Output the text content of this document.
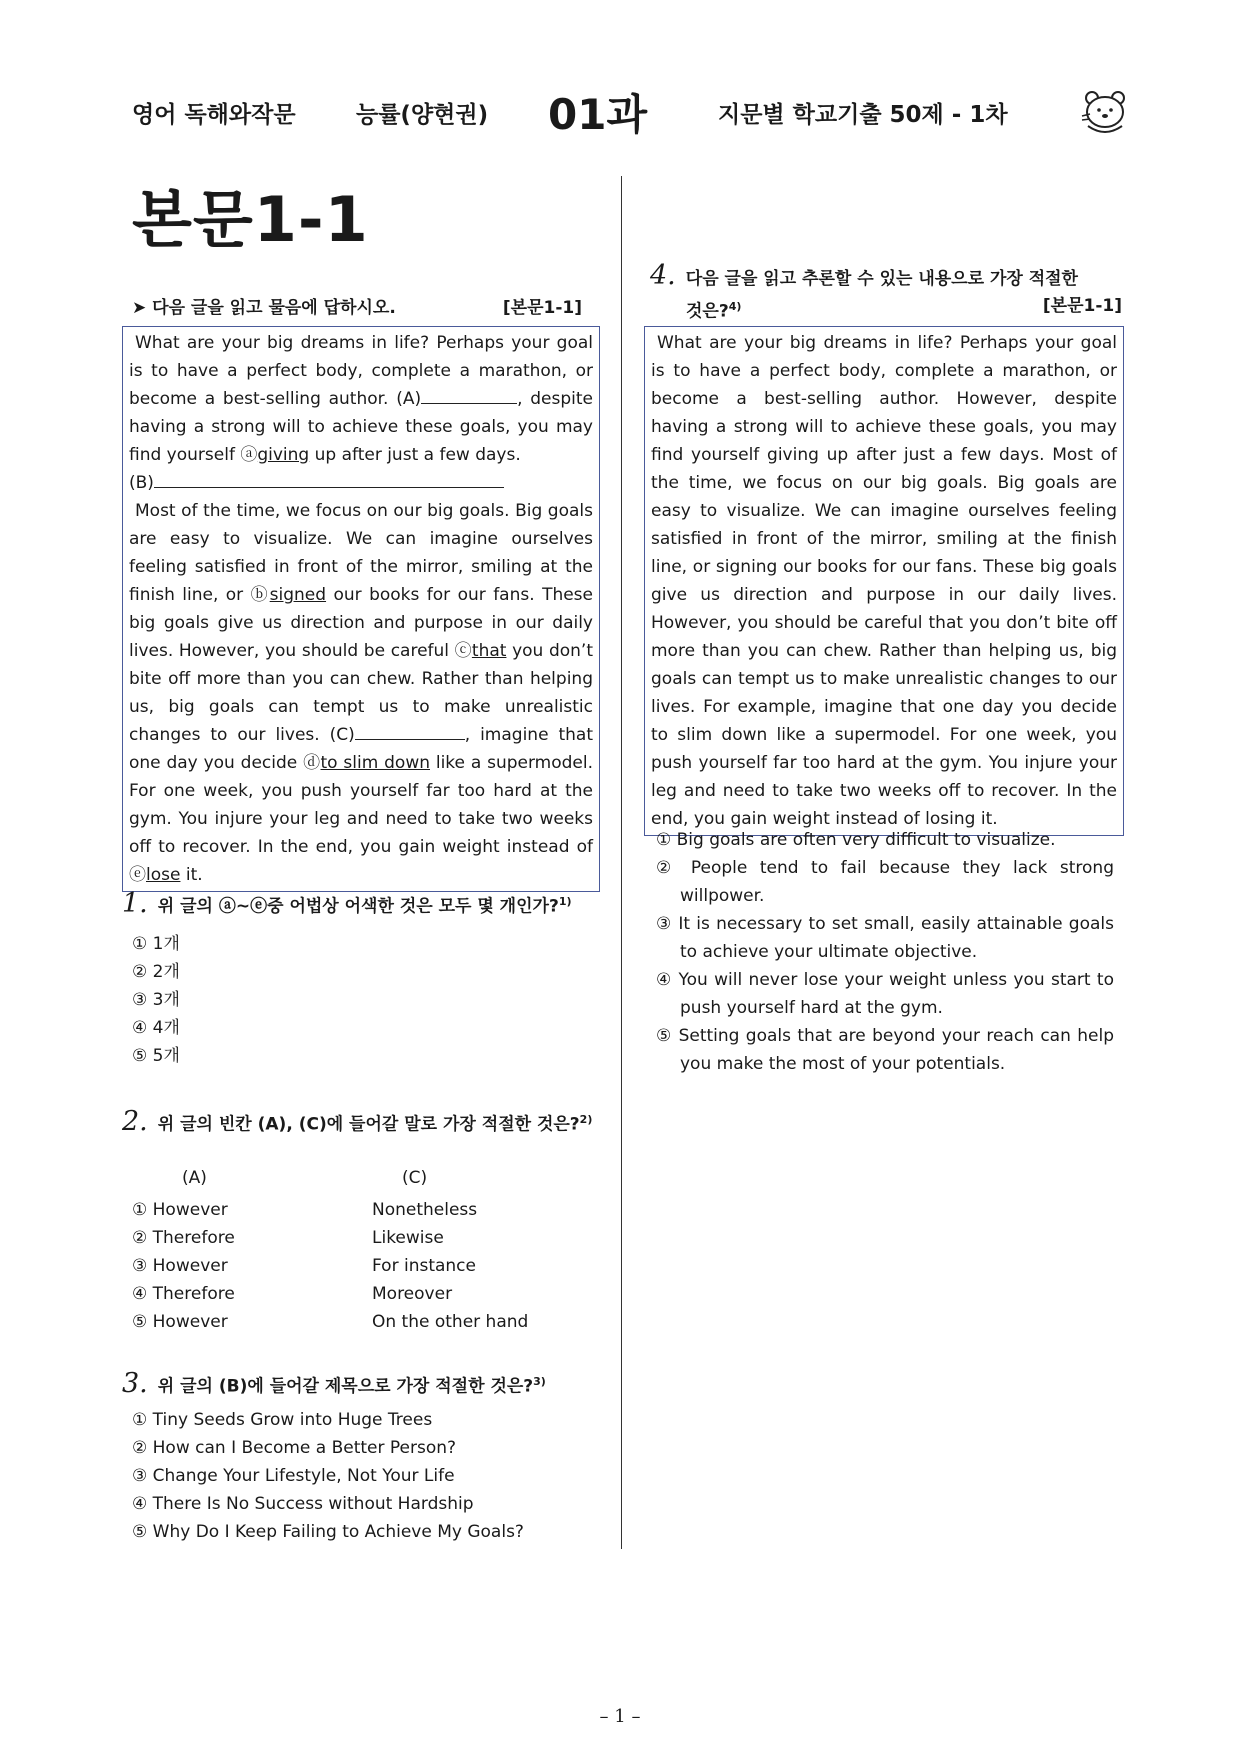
영어 독해와작문	능률(양현권) 01과	지문별 학교기출 50제 - 1차
본문1-1
➤ 다음 글을 읽고 물음에 답하시오.	[본문1-1]

What are your big dreams in life? Perhaps your goal is to have a perfect body, complete a marathon, or become a best-selling author. (A)	, despite having a strong will to achieve these goals, you may find yourself ⓐgiving up after just a few days.

(B)

Most of the time, we focus on our big goals. Big goals are easy to visualize. We can imagine ourselves feeling satisfied in front of the mirror, smiling at the finish line, or ⓑsigned our books for our fans. These big goals give us direction and purpose in our daily lives. However, you should be careful ⓒthat you don’t bite off more than you can chew. Rather than helping us, big goals can tempt us to make unrealistic changes to our lives. (C)	, imagine that one day you decide ⓓto slim down like a supermodel. For one week, you push yourself far too hard at the gym. You injure your leg and need to take two weeks off to recover. In the end, you gain weight instead of ⓔlose it.

1. 위 글의 ⓐ~ⓔ중 어법상 어색한 것은 모두 몇 개인가?$^{1)}$
① 1개
② 2개
③ 3개
④ 4개
⑤ 5개
2. 위 글의 빈칸 (A), (C)에 들어갈 말로 가장 적절한 것은?$^{2)}$
(A)	(C)
① However	Nonetheless
② Therefore	Likewise
③ However	For instance
④ Therefore	Moreover
⑤ However	On the other hand
3. 위 글의 (B)에 들어갈 제목으로 가장 적절한 것은?$^{3)}$
① Tiny Seeds Grow into Huge Trees
② How can I Become a Better Person?
③ Change Your Lifestyle, Not Your Life
④ There Is No Success without Hardship
⑤ Why Do I Keep Failing to Achieve My Goals?
4. 다음 글을 읽고 추론할 수 있는 내용으로 가장 적절한
것은?$^{4)}$	[본문1-1]

What are your big dreams in life? Perhaps your goal is to have a perfect body, complete a marathon, or become a best-selling author. However, despite having a strong will to achieve these goals, you may find yourself giving up after just a few days. Most of the time, we focus on our big goals. Big goals are easy to visualize. We can imagine ourselves feeling satisfied in front of the mirror, smiling at the finish line, or signing our books for our fans. These big goals give us direction and purpose in our daily lives. However, you should be careful that you don’t bite off more than you can chew. Rather than helping us, big goals can tempt us to make unrealistic changes to our lives. For example, imagine that one day you decide to slim down like a supermodel. For one week, you push yourself far too hard at the gym. You injure your leg and need to take two weeks off to recover. In the end, you gain weight instead of losing it.

① Big goals are often very difficult to visualize.
② People tend to fail because they lack strong willpower.
③ It is necessary to set small, easily attainable goals to achieve your ultimate objective.
④ You will never lose your weight unless you start to push yourself hard at the gym.
⑤ Setting goals that are beyond your reach can help you make the most of your potentials.
– 1 –
